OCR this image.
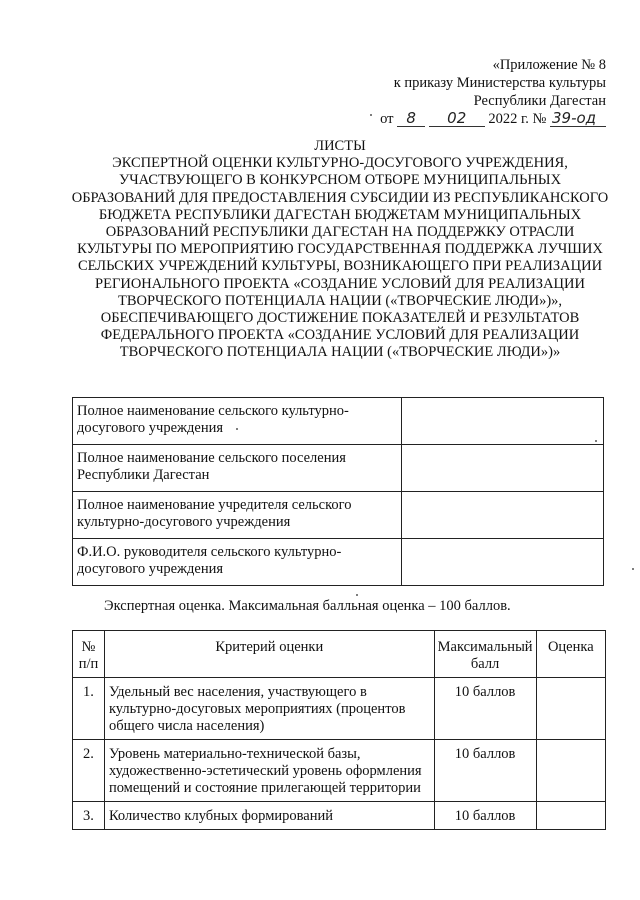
«Приложение № 8
к приказу Министерства культуры
Республики Дагестан
от 8 02 2022 г. № 39-од
ЛИСТЫ
ЭКСПЕРТНОЙ ОЦЕНКИ КУЛЬТУРНО-ДОСУГОВОГО УЧРЕЖДЕНИЯ, УЧАСТВУЮЩЕГО В КОНКУРСНОМ ОТБОРЕ МУНИЦИПАЛЬНЫХ ОБРАЗОВАНИЙ ДЛЯ ПРЕДОСТАВЛЕНИЯ СУБСИДИИ ИЗ РЕСПУБЛИКАНСКОГО БЮДЖЕТА РЕСПУБЛИКИ ДАГЕСТАН БЮДЖЕТАМ МУНИЦИПАЛЬНЫХ ОБРАЗОВАНИЙ РЕСПУБЛИКИ ДАГЕСТАН НА ПОДДЕРЖКУ ОТРАСЛИ КУЛЬТУРЫ ПО МЕРОПРИЯТИЮ ГОСУДАРСТВЕННАЯ ПОДДЕРЖКА ЛУЧШИХ СЕЛЬСКИХ УЧРЕЖДЕНИЙ КУЛЬТУРЫ, ВОЗНИКАЮЩЕГО ПРИ РЕАЛИЗАЦИИ РЕГИОНАЛЬНОГО ПРОЕКТА «СОЗДАНИЕ УСЛОВИЙ ДЛЯ РЕАЛИЗАЦИИ ТВОРЧЕСКОГО ПОТЕНЦИАЛА НАЦИИ («ТВОРЧЕСКИЕ ЛЮДИ»)», ОБЕСПЕЧИВАЮЩЕГО ДОСТИЖЕНИЕ ПОКАЗАТЕЛЕЙ И РЕЗУЛЬТАТОВ ФЕДЕРАЛЬНОГО ПРОЕКТА «СОЗДАНИЕ УСЛОВИЙ ДЛЯ РЕАЛИЗАЦИИ ТВОРЧЕСКОГО ПОТЕНЦИАЛА НАЦИИ («ТВОРЧЕСКИЕ ЛЮДИ»)»
Полное наименование сельского культурно-досугового учреждения	
Полное наименование сельского поселения Республики Дагестан	
Полное наименование учредителя сельского культурно-досугового учреждения	
Ф.И.О. руководителя сельского культурно-досугового учреждения	
Экспертная оценка. Максимальная балльная оценка – 100 баллов.
№ п/п	Критерий оценки	Максимальный балл	Оценка
1.	Удельный вес населения, участвующего в культурно-досуговых мероприятиях (процентов общего числа населения)	10 баллов	
2.	Уровень материально-технической базы, художественно-эстетический уровень оформления помещений и состояние прилегающей территории	10 баллов	
3.	Количество клубных формирований	10 баллов	
